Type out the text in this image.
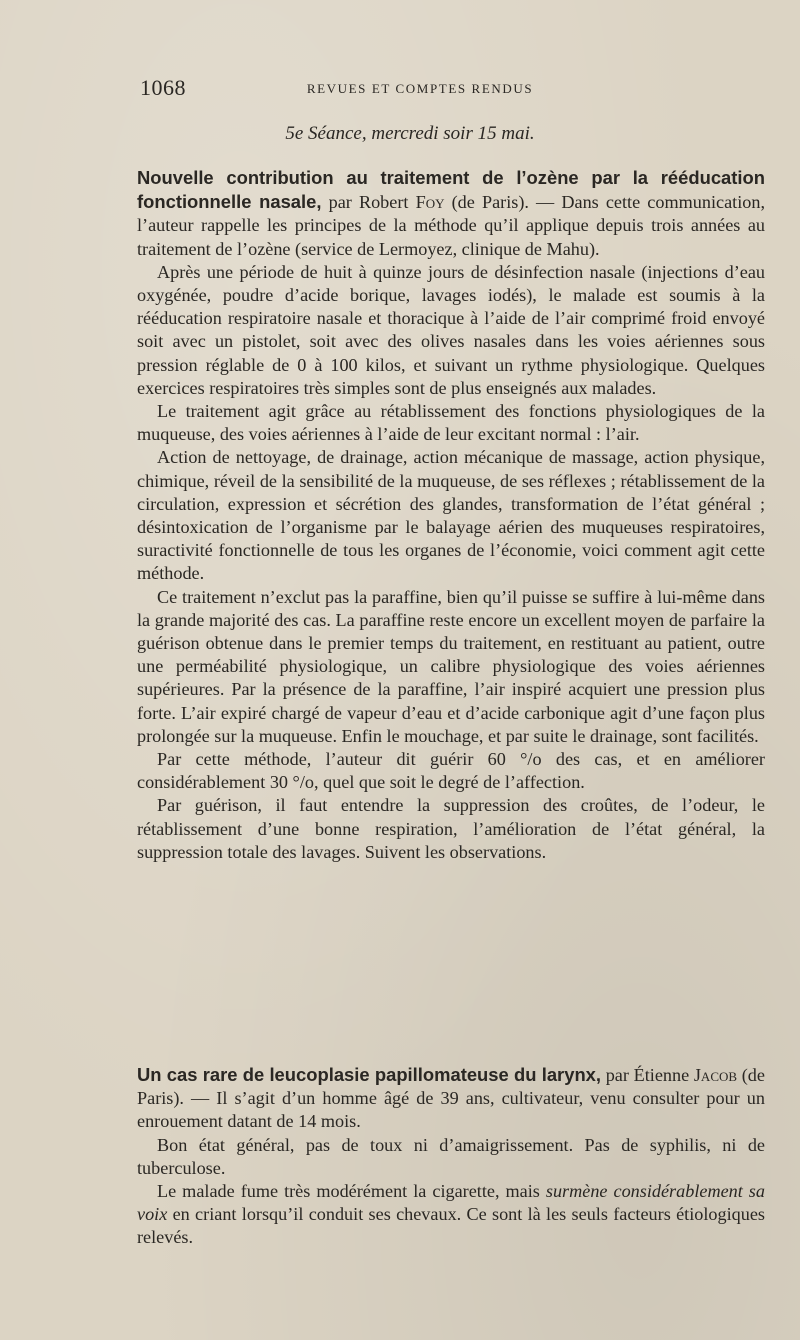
1068	REVUES ET COMPTES RENDUS
5e Séance, mercredi soir 15 mai.

Nouvelle contribution au traitement de l’ozène par la rééducation fonctionnelle nasale, par Robert Foy (de Paris). — Dans cette communication, l’auteur rappelle les principes de la méthode qu’il applique depuis trois années au traitement de l’ozène (service de Lermoyez, clinique de Mahu).

Après une période de huit à quinze jours de désinfection nasale (injections d’eau oxygénée, poudre d’acide borique, lavages iodés), le malade est soumis à la rééducation respiratoire nasale et thoracique à l’aide de l’air comprimé froid envoyé soit avec un pistolet, soit avec des olives nasales dans les voies aériennes sous pression réglable de 0 à 100 kilos, et suivant un rythme physiologique. Quelques exercices respiratoires très simples sont de plus enseignés aux malades.

Le traitement agit grâce au rétablissement des fonctions physiologiques de la muqueuse, des voies aériennes à l’aide de leur excitant normal : l’air.

Action de nettoyage, de drainage, action mécanique de massage, action physique, chimique, réveil de la sensibilité de la muqueuse, de ses réflexes ; rétablissement de la circulation, expression et sécrétion des glandes, transformation de l’état général ; désintoxication de l’organisme par le balayage aérien des muqueuses respiratoires, suractivité fonctionnelle de tous les organes de l’économie, voici comment agit cette méthode.

Ce traitement n’exclut pas la paraffine, bien qu’il puisse se suffire à lui-même dans la grande majorité des cas. La paraffine reste encore un excellent moyen de parfaire la guérison obtenue dans le premier temps du traitement, en restituant au patient, outre une perméabilité physiologique, un calibre physiologique des voies aériennes supérieures. Par la présence de la paraffine, l’air inspiré acquiert une pression plus forte. L’air expiré chargé de vapeur d’eau et d’acide carbonique agit d’une façon plus prolongée sur la muqueuse. Enfin le mouchage, et par suite le drainage, sont facilités.

Par cette méthode, l’auteur dit guérir 60 °/o des cas, et en améliorer considérablement 30 °/o, quel que soit le degré de l’affection.

Par guérison, il faut entendre la suppression des croûtes, de l’odeur, le rétablissement d’une bonne respiration, l’amélioration de l’état général, la suppression totale des lavages. Suivent les observations.

Un cas rare de leucoplasie papillomateuse du larynx, par Étienne Jacob (de Paris). — Il s’agit d’un homme âgé de 39 ans, cultivateur, venu consulter pour un enrouement datant de 14 mois.

Bon état général, pas de toux ni d’amaigrissement. Pas de syphilis, ni de tuberculose.

Le malade fume très modérément la cigarette, mais surmène considérablement sa voix en criant lorsqu’il conduit ses chevaux. Ce sont là les seuls facteurs étiologiques relevés.
